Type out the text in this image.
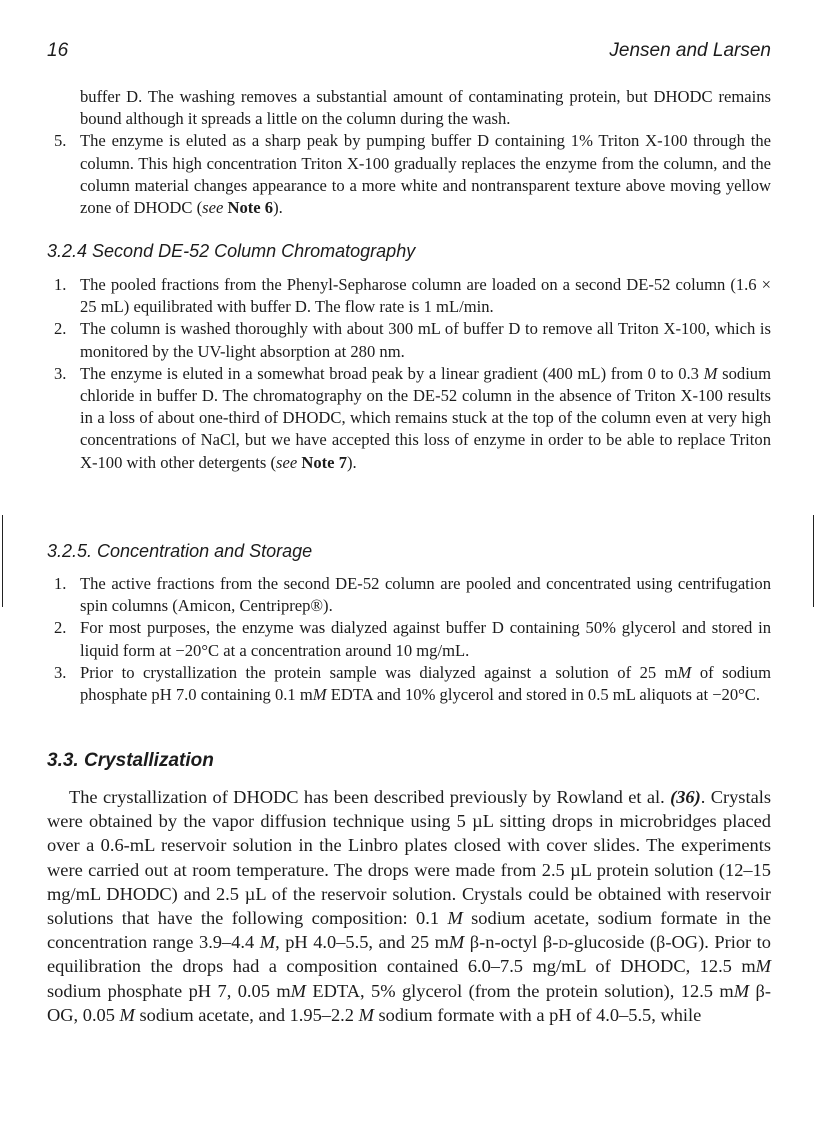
16	Jensen and Larsen
buffer D. The washing removes a substantial amount of contaminating protein, but DHODC remains bound although it spreads a little on the column during the wash.
5. The enzyme is eluted as a sharp peak by pumping buffer D containing 1% Triton X-100 through the column. This high concentration Triton X-100 gradually replaces the enzyme from the column, and the column material changes appearance to a more white and nontransparent texture above moving yellow zone of DHODC (see Note 6).

3.2.4 Second DE-52 Column Chromatography

1. The pooled fractions from the Phenyl-Sepharose column are loaded on a second DE-52 column (1.6 × 25 mL) equilibrated with buffer D. The flow rate is 1 mL/min.
2. The column is washed thoroughly with about 300 mL of buffer D to remove all Triton X-100, which is monitored by the UV-light absorption at 280 nm.
3. The enzyme is eluted in a somewhat broad peak by a linear gradient (400 mL) from 0 to 0.3 M sodium chloride in buffer D. The chromatography on the DE-52 column in the absence of Triton X-100 results in a loss of about one-third of DHODC, which remains stuck at the top of the column even at very high concentrations of NaCl, but we have accepted this loss of enzyme in order to be able to replace Triton X-100 with other detergents (see Note 7).

3.2.5. Concentration and Storage

1. The active fractions from the second DE-52 column are pooled and concentrated using centrifugation spin columns (Amicon, Centriprep®).
2. For most purposes, the enzyme was dialyzed against buffer D containing 50% glycerol and stored in liquid form at −20°C at a concentration around 10 mg/mL.
3. Prior to crystallization the protein sample was dialyzed against a solution of 25 mM of sodium phosphate pH 7.0 containing 0.1 mM EDTA and 10% glycerol and stored in 0.5 mL aliquots at −20°C.

3.3. Crystallization

The crystallization of DHODC has been described previously by Rowland et al. (36). Crystals were obtained by the vapor diffusion technique using 5 µL sitting drops in microbridges placed over a 0.6-mL reservoir solution in the Linbro plates closed with cover slides. The experiments were carried out at room temperature. The drops were made from 2.5 µL protein solution (12–15 mg/mL DHODC) and 2.5 µL of the reservoir solution. Crystals could be obtained with reservoir solutions that have the following composition: 0.1 M sodium acetate, sodium formate in the concentration range 3.9–4.4 M, pH 4.0–5.5, and 25 mM β-n-octyl β-d-glucoside (β-OG). Prior to equilibration the drops had a composition contained 6.0–7.5 mg/mL of DHODC, 12.5 mM sodium phosphate pH 7, 0.05 mM EDTA, 5% glycerol (from the protein solution), 12.5 mM β-OG, 0.05 M sodium acetate, and 1.95–2.2 M sodium formate with a pH of 4.0–5.5, while
